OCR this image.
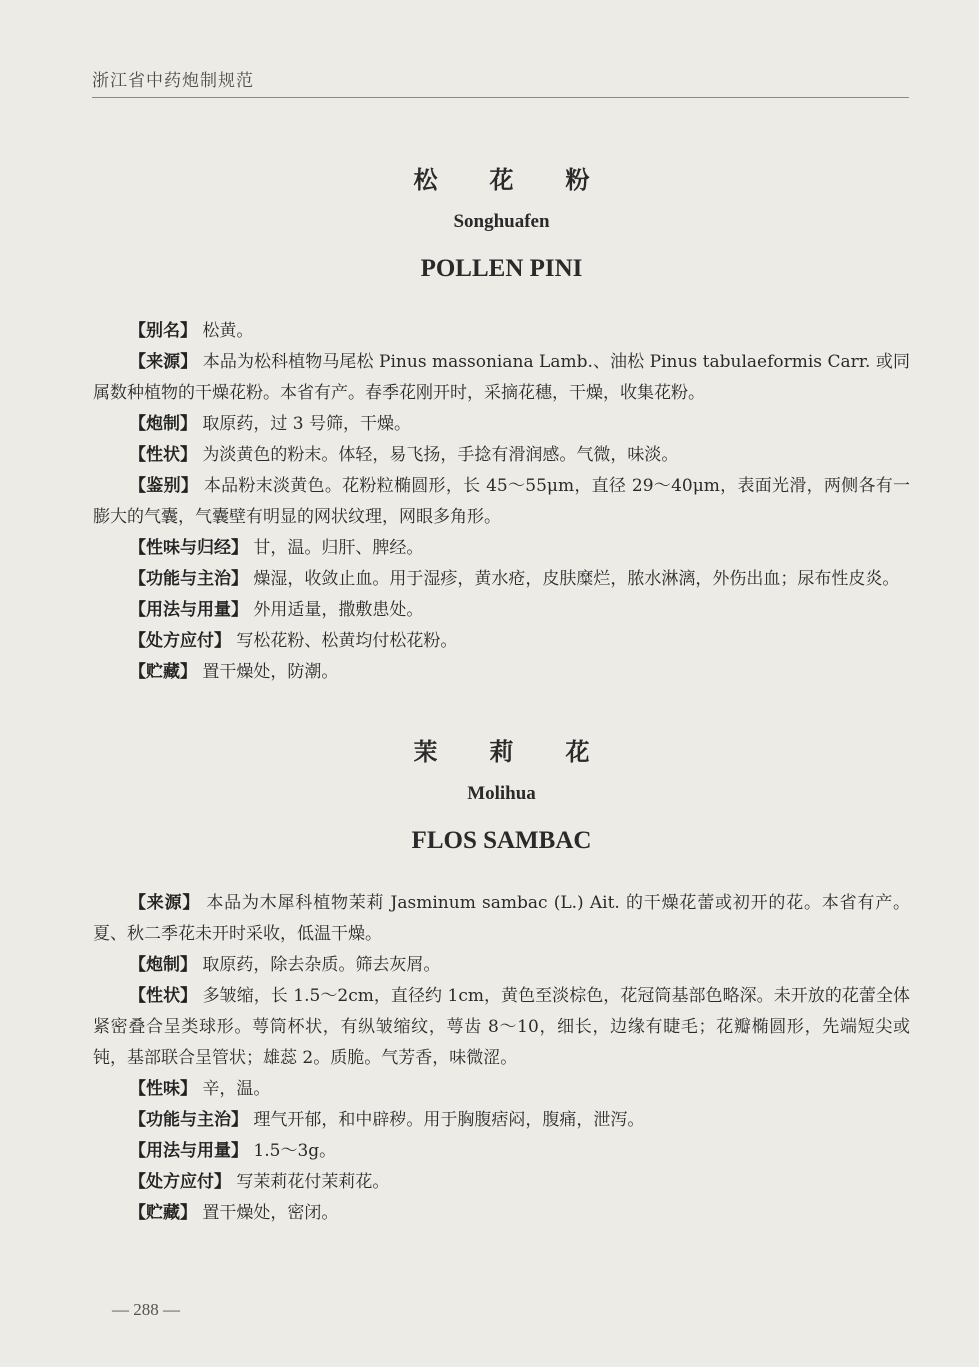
浙江省中药炮制规范
松花粉
Songhuafen
POLLEN PINI

【别名】 松黄。

【来源】 本品为松科植物马尾松 Pinus massoniana Lamb.、油松 Pinus tabulaeformis Carr. 或同属数种植物的干燥花粉。本省有产。春季花刚开时，采摘花穗，干燥，收集花粉。

【炮制】 取原药，过 3 号筛，干燥。

【性状】 为淡黄色的粉末。体轻，易飞扬，手捻有滑润感。气微，味淡。

【鉴别】 本品粉末淡黄色。花粉粒椭圆形，长 45～55μm，直径 29～40μm，表面光滑，两侧各有一膨大的气囊，气囊壁有明显的网状纹理，网眼多角形。

【性味与归经】 甘，温。归肝、脾经。

【功能与主治】 燥湿，收敛止血。用于湿疹，黄水疮，皮肤糜烂，脓水淋漓，外伤出血；尿布性皮炎。

【用法与用量】 外用适量，撒敷患处。

【处方应付】 写松花粉、松黄均付松花粉。

【贮藏】 置干燥处，防潮。

茉莉花
Molihua
FLOS SAMBAC

【来源】 本品为木犀科植物茉莉 Jasminum sambac (L.) Ait. 的干燥花蕾或初开的花。本省有产。夏、秋二季花未开时采收，低温干燥。

【炮制】 取原药，除去杂质。筛去灰屑。

【性状】 多皱缩，长 1.5～2cm，直径约 1cm，黄色至淡棕色，花冠筒基部色略深。未开放的花蕾全体紧密叠合呈类球形。萼筒杯状，有纵皱缩纹，萼齿 8～10，细长，边缘有睫毛；花瓣椭圆形，先端短尖或钝，基部联合呈管状；雄蕊 2。质脆。气芳香，味微涩。

【性味】 辛，温。

【功能与主治】 理气开郁，和中辟秽。用于胸腹痞闷，腹痛，泄泻。

【用法与用量】 1.5～3g。

【处方应付】 写茉莉花付茉莉花。

【贮藏】 置干燥处，密闭。

— 288 —
